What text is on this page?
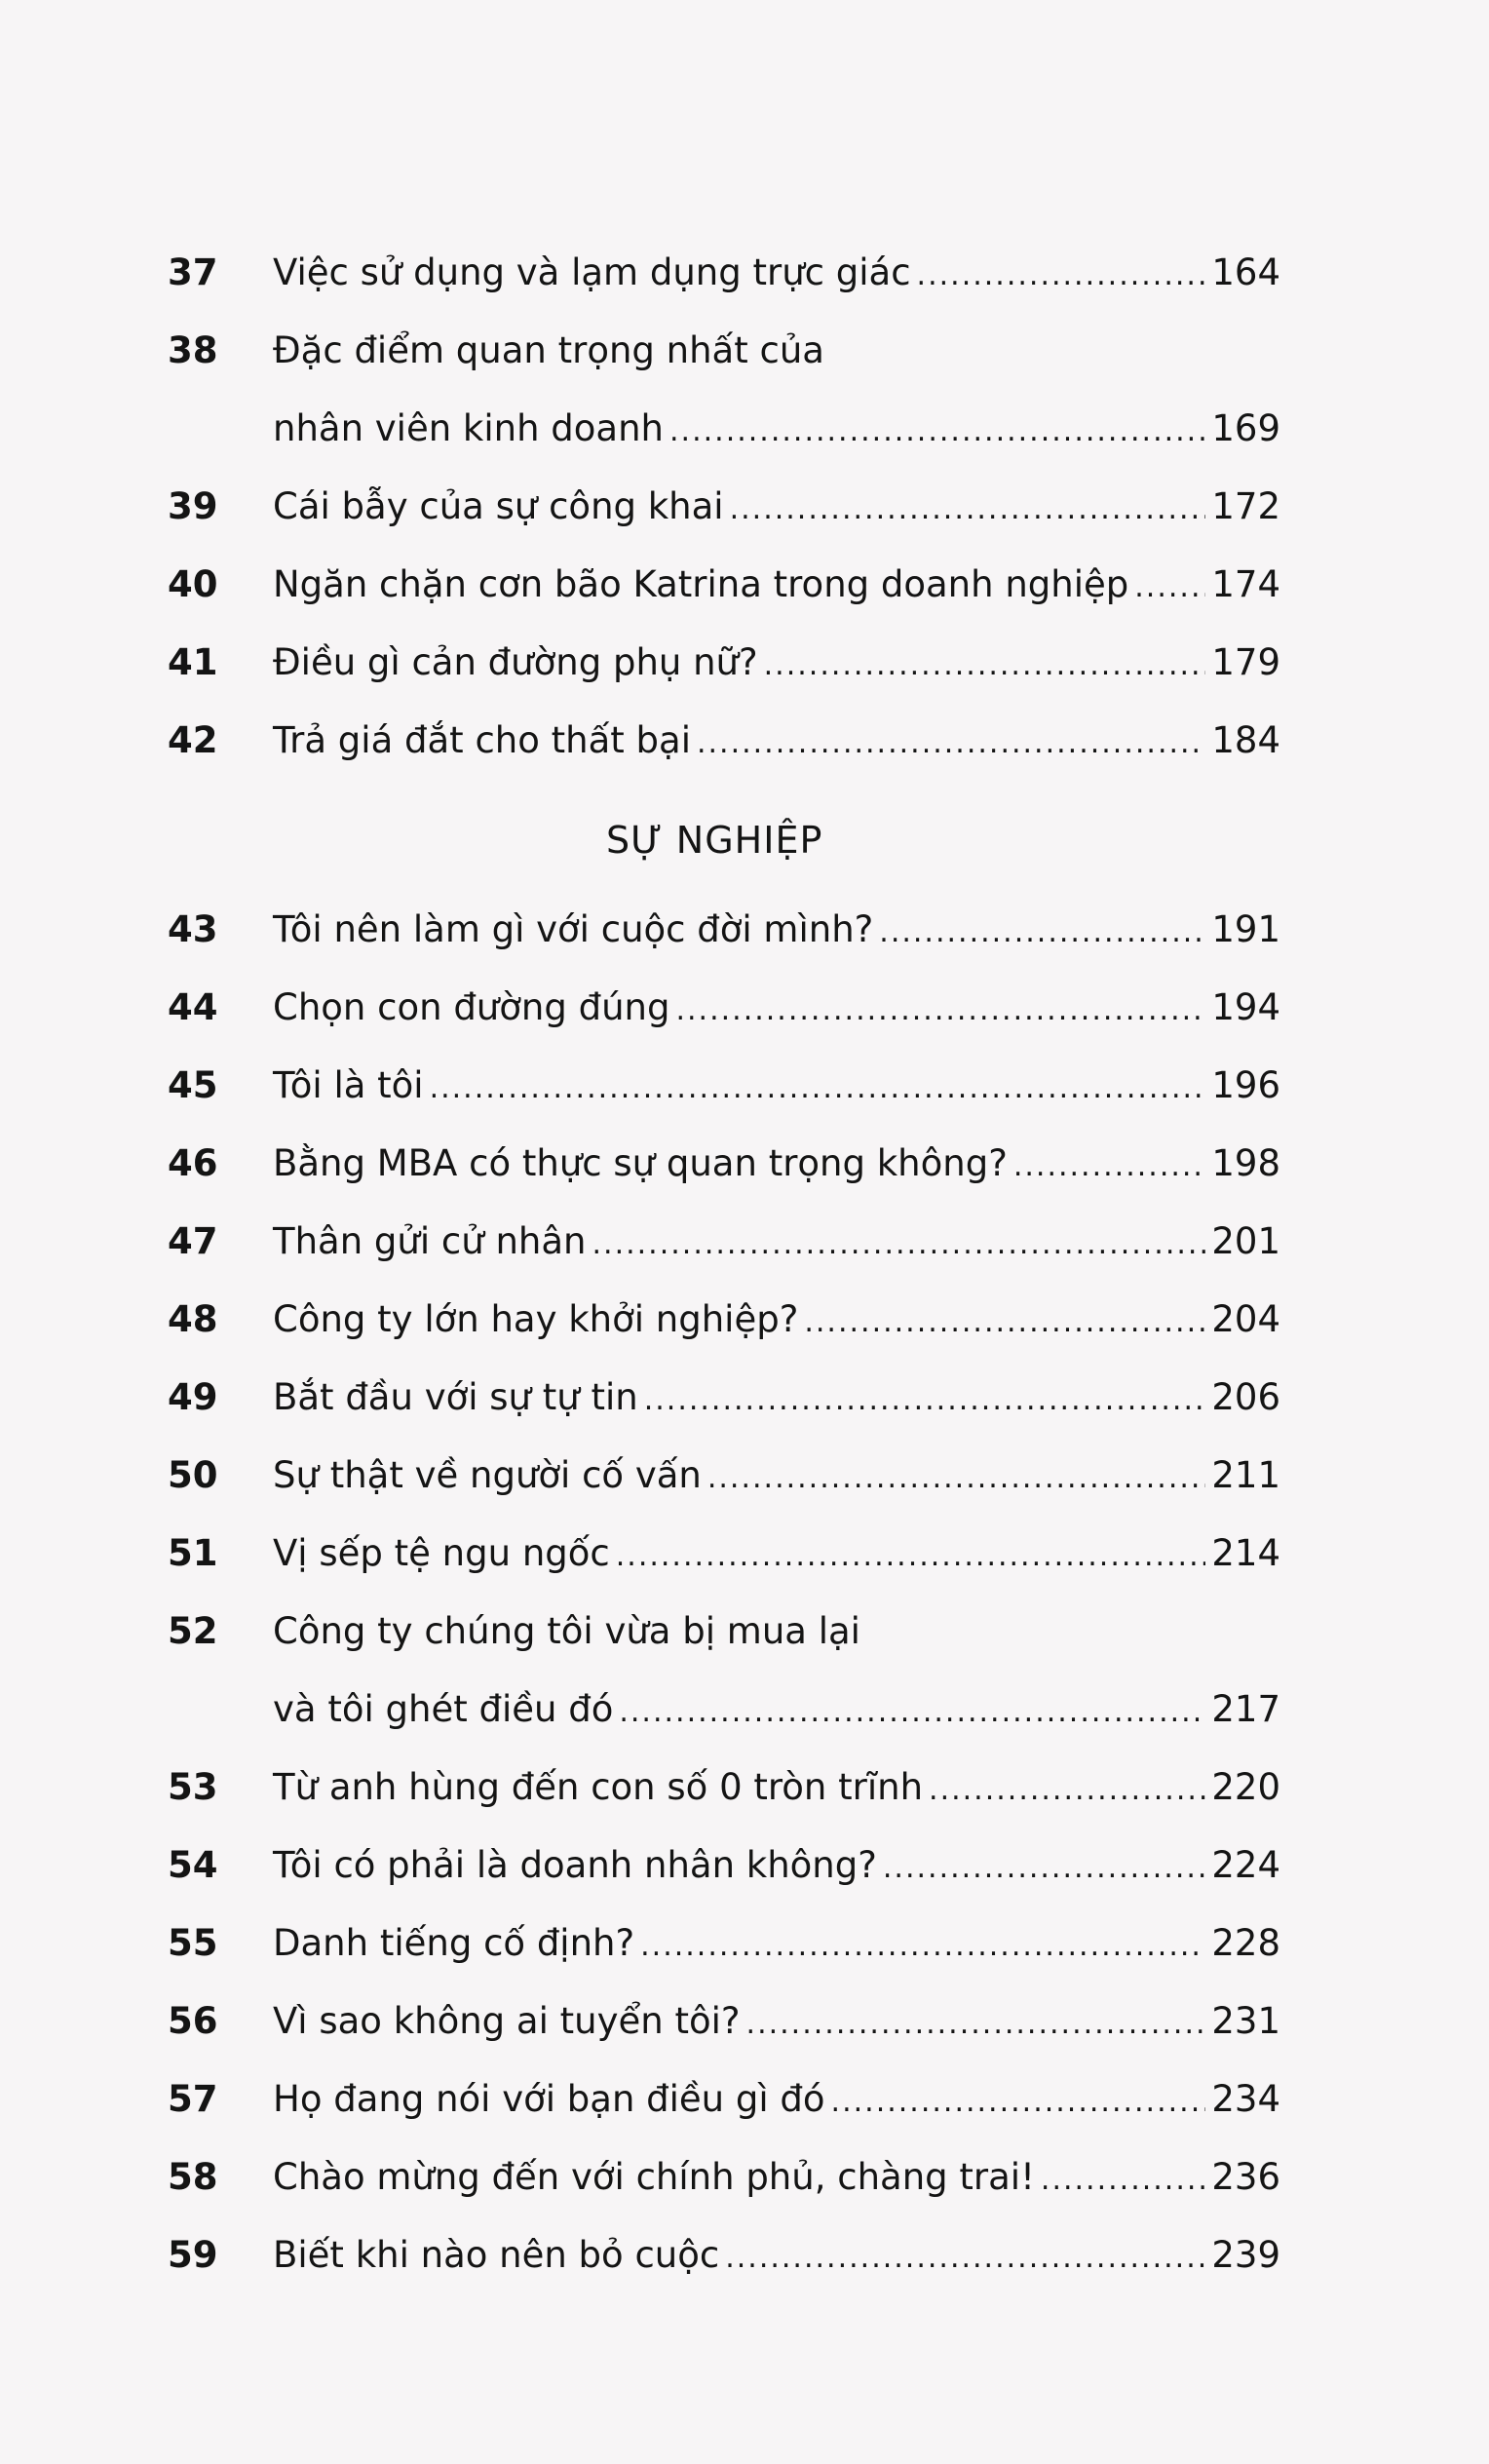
37	Việc sử dụng và lạm dụng trực giác .....	164
38	Đặc điểm quan trọng nhất của
nhân viên kinh doanh .....	169
39	Cái bẫy của sự công khai .....	172
40	Ngăn chặn cơn bão Katrina trong doanh nghiệp ..... 174
41	Điều gì cản đường phụ nữ? .....	179
42	Trả giá đắt cho thất bại .....	184
SỰ NGHIỆP
43	Tôi nên làm gì với cuộc đời mình? .....	191
44	Chọn con đường đúng .....	194
45	Tôi là tôi .....	196
46	Bằng MBA có thực sự quan trọng không? .....	198
47	Thân gửi cử nhân .....	201
48	Công ty lớn hay khởi nghiệp? .....	204
49	Bắt đầu với sự tự tin .....	206
50	Sự thật về người cố vấn .....	211
51	Vị sếp tệ ngu ngốc .....	214
52	Công ty chúng tôi vừa bị mua lại
và tôi ghét điều đó .....	217
53	Từ anh hùng đến con số 0 tròn trĩnh .....	220
54	Tôi có phải là doanh nhân không? .....	224
55	Danh tiếng cố định? .....	228
56	Vì sao không ai tuyển tôi? .....	231
57	Họ đang nói với bạn điều gì đó .....	234
58	Chào mừng đến với chính phủ, chàng trai! .....	236
59	Biết khi nào nên bỏ cuộc .....	239
